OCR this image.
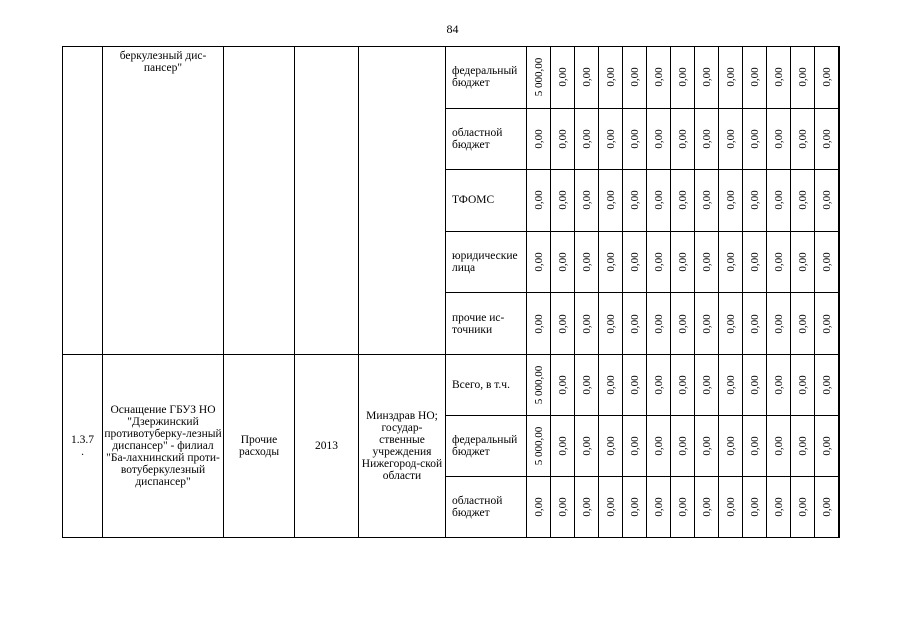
84
	беркулезный дис-
пансер"				федеральный бюджет	5 000,00	0,00	0,00	0,00	0,00	0,00	0,00	0,00	0,00	0,00	0,00	0,00	0,00

					областной бюджет	0,00	0,00	0,00	0,00	0,00	0,00	0,00	0,00	0,00	0,00	0,00	0,00	0,00

					ТФОМС	0,00	0,00	0,00	0,00	0,00	0,00	0,00	0,00	0,00	0,00	0,00	0,00	0,00

					юридические лица	0,00	0,00	0,00	0,00	0,00	0,00	0,00	0,00	0,00	0,00	0,00	0,00	0,00

					прочие ис-точники	0,00	0,00	0,00	0,00	0,00	0,00	0,00	0,00	0,00	0,00	0,00	0,00	0,00

1.3.7
.	Оснащение ГБУЗ НО "Дзержинский противотуберку-лезный диспансер" - филиал "Ба-лахнинский проти-вотуберкулезный диспансер"	Прочие расходы	2013	Минздрав НО; государ-ственные учреждения Нижегород-ской области	Всего, в т.ч.	5 000,00	0,00	0,00	0,00	0,00	0,00	0,00	0,00	0,00	0,00	0,00	0,00	0,00

					федеральный бюджет	5 000,00	0,00	0,00	0,00	0,00	0,00	0,00	0,00	0,00	0,00	0,00	0,00	0,00

					областной бюджет	0,00	0,00	0,00	0,00	0,00	0,00	0,00	0,00	0,00	0,00	0,00	0,00	0,00
